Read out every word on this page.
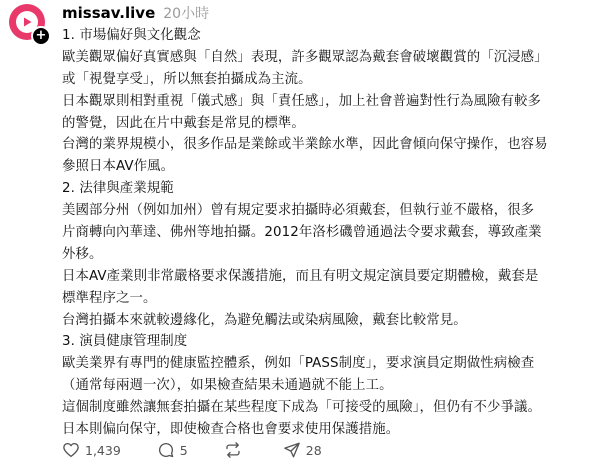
+
missav.live 20小時
1. 市場偏好與文化觀念
歐美觀眾偏好真實感與「自然」表現，許多觀眾認為戴套會破壞觀賞的「沉浸感」
或「視覺享受」，所以無套拍攝成為主流。
日本觀眾則相對重視「儀式感」與「責任感」，加上社會普遍對性行為風險有較多
的警覺，因此在片中戴套是常見的標準。
台灣的業界規模小，很多作品是業餘或半業餘水準，因此會傾向保守操作，也容易
參照日本AV作風。
2. 法律與產業規範
美國部分州（例如加州）曾有規定要求拍攝時必須戴套，但執行並不嚴格，很多
片商轉向內華達、佛州等地拍攝。2012年洛杉磯曾通過法令要求戴套，導致產業
外移。
日本AV產業則非常嚴格要求保護措施，而且有明文規定演員要定期體檢，戴套是
標準程序之一。
台灣拍攝本來就較邊緣化，為避免觸法或染病風險，戴套比較常見。
3. 演員健康管理制度
歐美業界有專門的健康監控體系，例如「PASS制度」，要求演員定期做性病檢查
（通常每兩週一次），如果檢查結果未通過就不能上工。
這個制度雖然讓無套拍攝在某些程度下成為「可接受的風險」，但仍有不少爭議。
日本則偏向保守，即使檢查合格也會要求使用保護措施。
1,439	5	28
